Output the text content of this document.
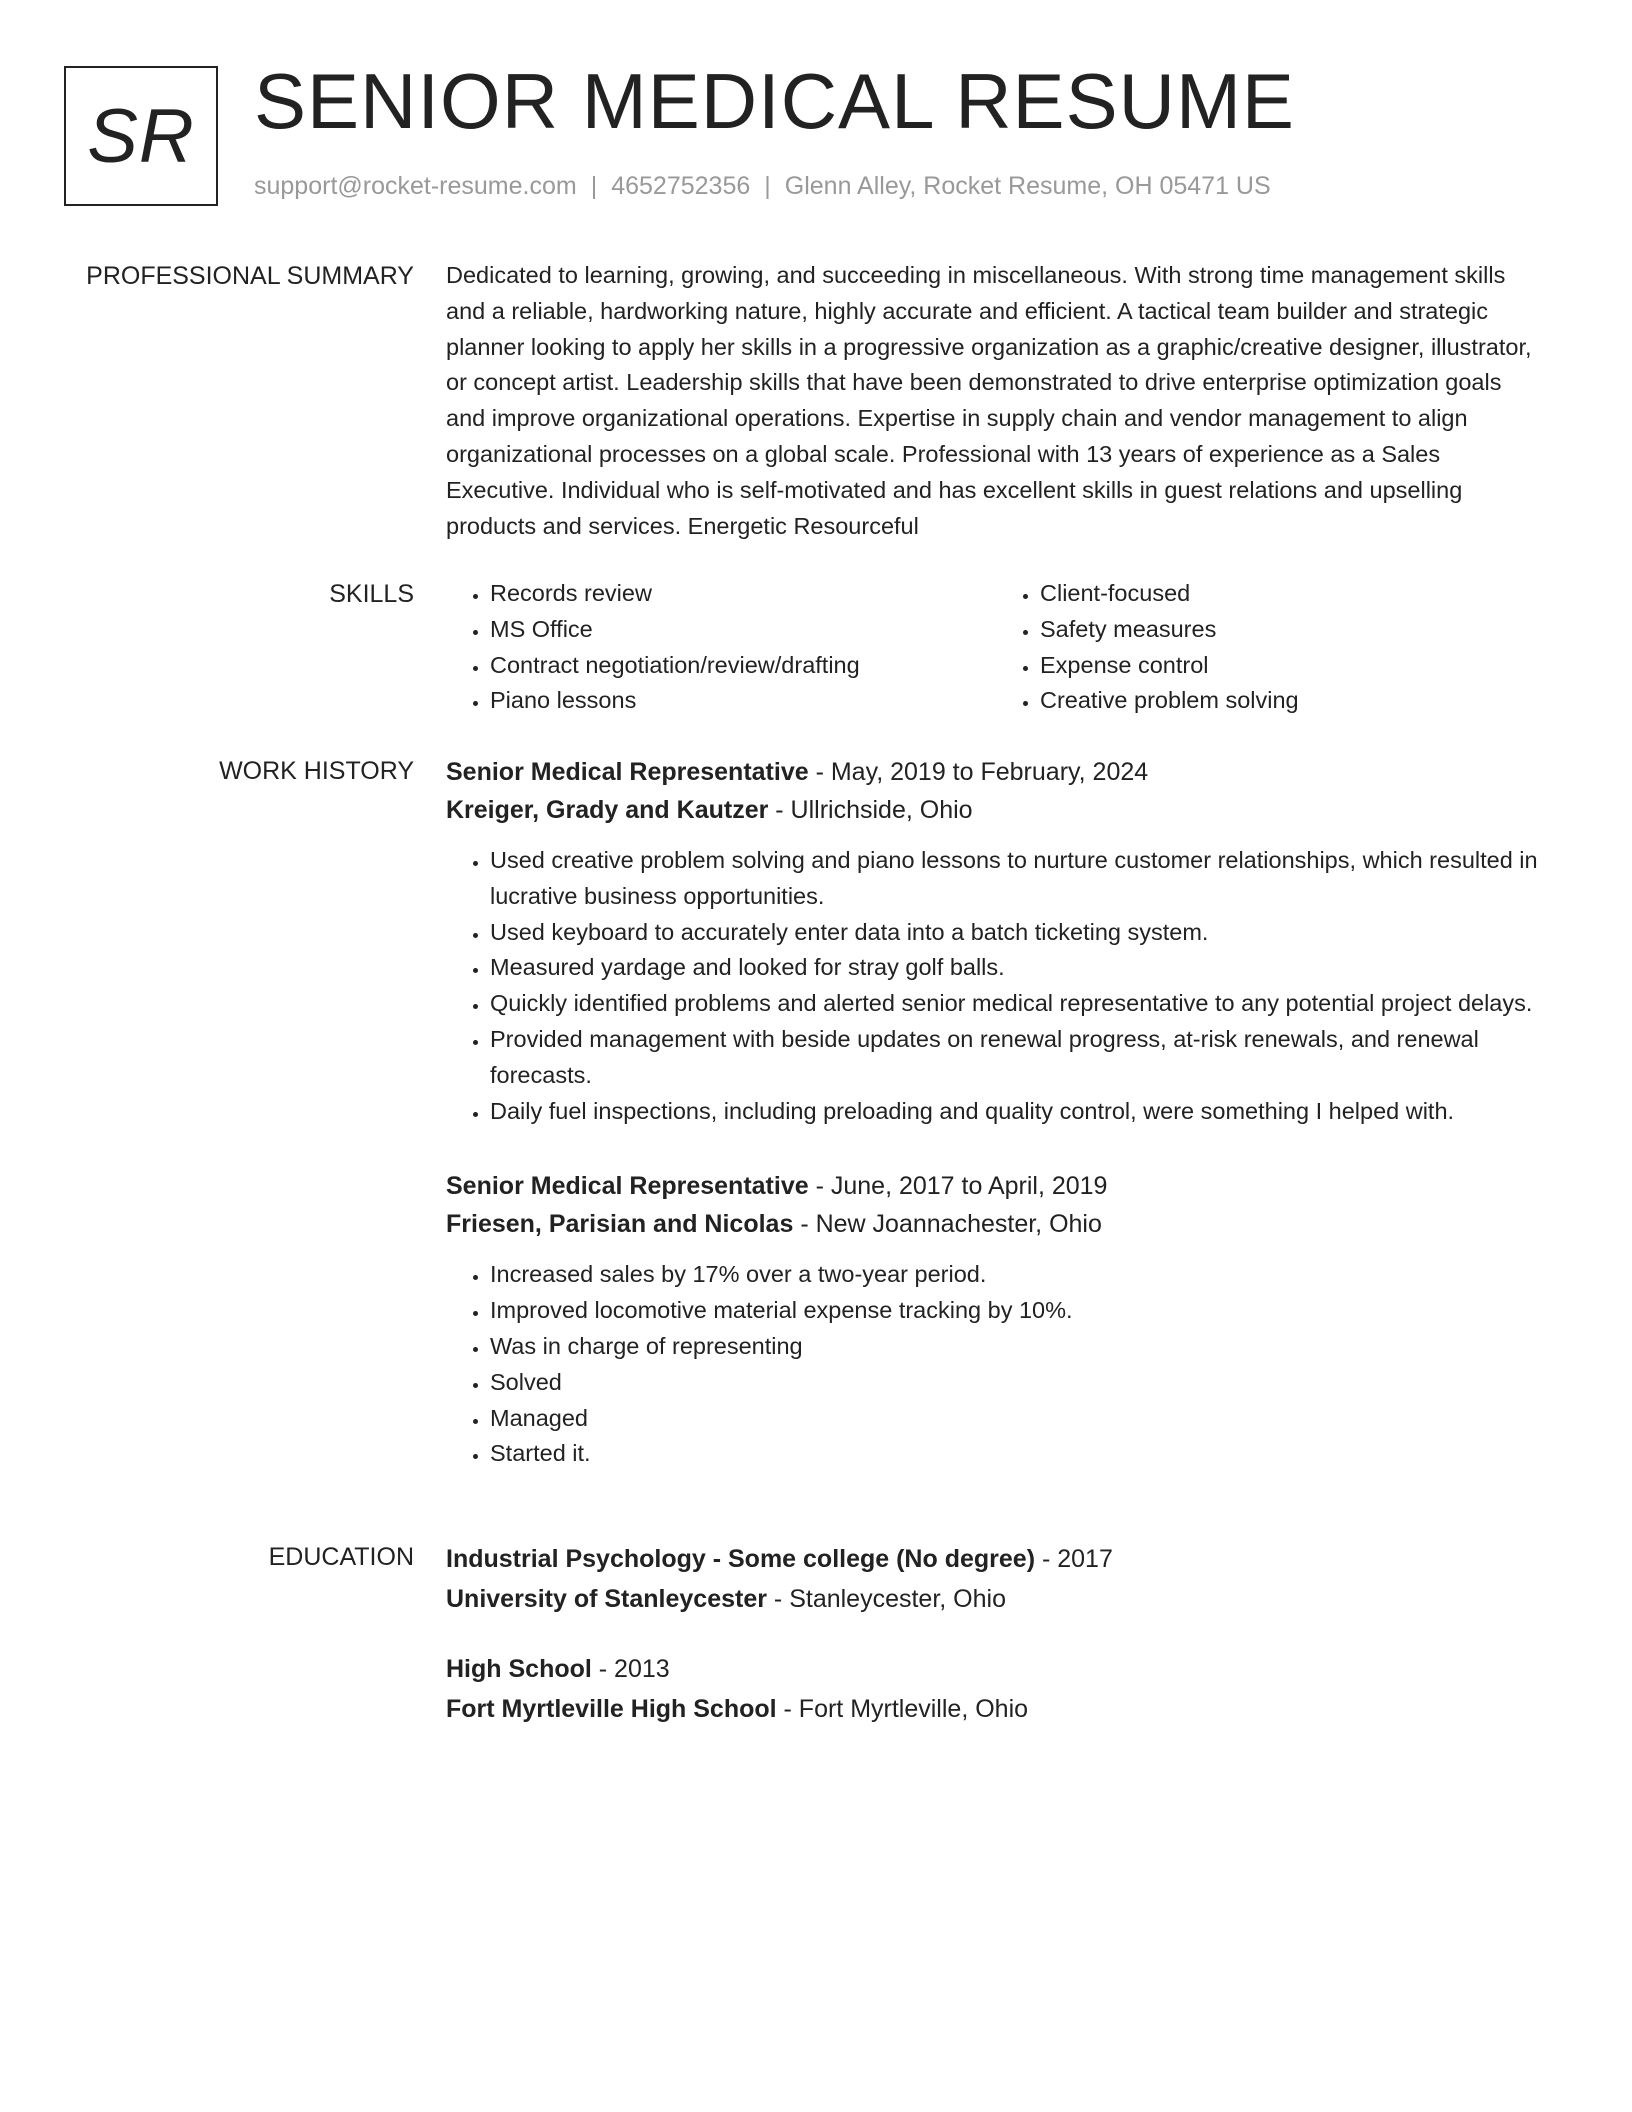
SR SENIOR MEDICAL RESUME
support@rocket-resume.com | 4652752356 | Glenn Alley, Rocket Resume, OH 05471 US
PROFESSIONAL SUMMARY Dedicated to learning, growing, and succeeding in miscellaneous. With strong time management skills and a reliable, hardworking nature, highly accurate and efficient. A tactical team builder and strategic planner looking to apply her skills in a progressive organization as a graphic/creative designer, illustrator, or concept artist. Leadership skills that have been demonstrated to drive enterprise optimization goals and improve organizational operations. Expertise in supply chain and vendor management to align organizational processes on a global scale. Professional with 13 years of experience as a Sales Executive. Individual who is self-motivated and has excellent skills in guest relations and upselling products and services. Energetic Resourceful

SKILLS
•	Records review
• MS Office
• Contract negotiation/review/drafting
• Piano lessons
• Client-focused
• Safety measures
• Expense control
• Creative problem solving
WORK HISTORY Senior Medical Representative - May, 2019 to February, 2024
Kreiger, Grady and Kautzer - Ullrichside, Ohio
• Used creative problem solving and piano lessons to nurture customer relationships, which resulted in lucrative business opportunities.
• Used keyboard to accurately enter data into a batch ticketing system.
• Measured yardage and looked for stray golf balls.
• Quickly identified problems and alerted senior medical representative to any potential project delays.
• Provided management with beside updates on renewal progress, at-risk renewals, and renewal forecasts.
• Daily fuel inspections, including preloading and quality control, were something I helped with.
Senior Medical Representative - June, 2017 to April, 2019
Friesen, Parisian and Nicolas - New Joannachester, Ohio
• Increased sales by 17% over a two-year period.
• Improved locomotive material expense tracking by 10%.
• Was in charge of representing
• Solved
• Managed
• Started it.
EDUCATION Industrial Psychology - Some college (No degree) - 2017
University of Stanleycester - Stanleycester, Ohio
High School - 2013
Fort Myrtleville High School - Fort Myrtleville, Ohio
